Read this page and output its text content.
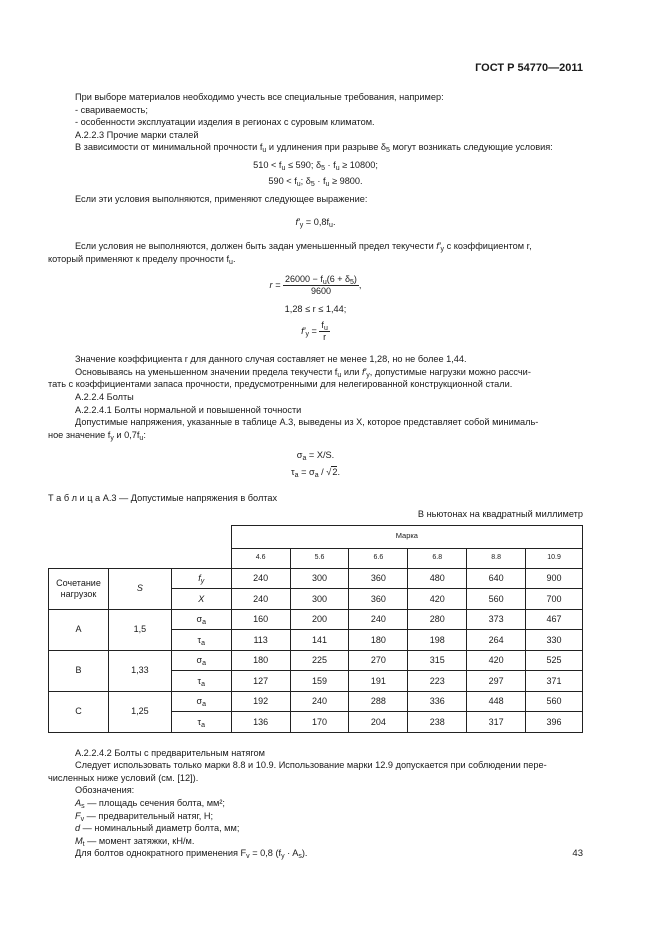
ГОСТ Р 54770—2011

При выборе материалов необходимо учесть все специальные требования, например:

- свариваемость;

- особенности эксплуатации изделия в регионах с суровым климатом.

А.2.2.3 Прочие марки сталей

В зависимости от минимальной прочности $f_u$ и удлинения при разрыве $\delta_5$ могут возникать следующие условия:

$510 < f_u \le 590$; $\delta_5 \cdot f_u \ge 10800$;
$590 < f_u$; $\delta_5 \cdot f_u \ge 9800$.

Если эти условия выполняются, применяют следующее выражение:

$f'_y = 0,8f_u$.

Если условия не выполняются, должен быть задан уменьшенный предел текучести $f'_y$ с коэффициентом r,

который применяют к пределу прочности $f_u$.

$r = \frac{26000 - f_u(6 + \delta_5)}{9600}$ ,
1,28 ≤ r ≤ 1,44;
$f'_y = \frac{f_u}{r}$

Значение коэффициента r для данного случая составляет не менее 1,28, но не более 1,44.

Основываясь на уменьшенном значении предела текучести $f_u$ или $f'_y$, допустимые нагрузки можно рассчи-

тать с коэффициентами запаса прочности, предусмотренными для нелегированной конструкционной стали.

А.2.2.4 Болты

А.2.2.4.1 Болты нормальной и повышенной точности

Допустимые напряжения, указанные в таблице А.3, выведены из X, которое представляет собой минималь-

ное значение $f_y$ и $0,7f_u$:

$\sigma_a = X/S$.
$\tau_a = \sigma_a / √2$.

Т а б л и ц а А.3 — Допустимые напряжения в болтах

В ньютонах на квадратный миллиметр

			Марка					
			4.6	5.6	6.6	6.8	8.8	10.9
Сочетание нагрузок	S	$f_y$	240	300	360	480	640	900
		X	240	300	360	420	560	700
A	1,5	$\sigma_a$	160	200	240	280	373	467
		$\tau_a$	113	141	180	198	264	330
B	1,33	$\sigma_a$	180	225	270	315	420	525
		$\tau_a$	127	159	191	223	297	371
C	1,25	$\sigma_a$	192	240	288	336	448	560
		$\tau_a$	136	170	204	238	317	396

А.2.2.4.2 Болты с предварительным натягом

Следует использовать только марки 8.8 и 10.9. Использование марки 12.9 допускается при соблюдении пере-

численных ниже условий (см. [12]).

Обозначения:

$A_s$ — площадь сечения болта, мм²;

$F_v$ — предварительный натяг, Н;

d — номинальный диаметр болта, мм;

$M_t$ — момент затяжки, кН/м.

Для болтов однократного применения $F_v = 0,8$ $(f_y \cdot A_s)$.	43
